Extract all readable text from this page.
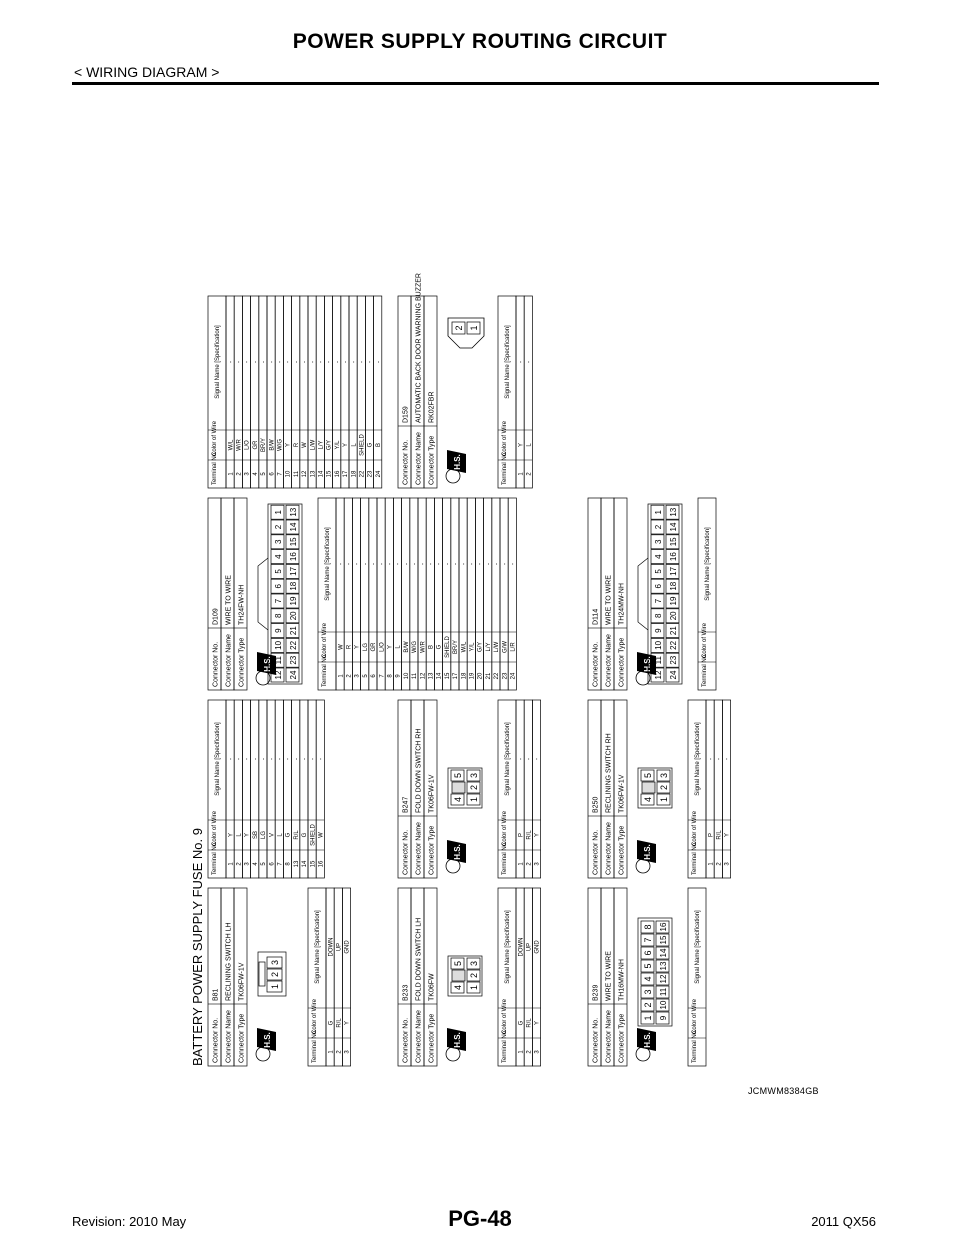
POWER SUPPLY ROUTING CIRCUIT
< WIRING DIAGRAM >
BATTERY POWER SUPPLY FUSE No. 9 Connector No.
B81
Connector Name
RECLINING SWITCH LH
Connector Type
TK06FW-1V
H.S.
1
2
3
Terminal No.
Color of Wire
Signal Name [Specification]
1
G
DOWN
2
R/L
UP
3
Y
GND
Connector No.
B233
Connector Name
FOLD DOWN SWITCH LH
Connector Type
TK06FW
H.S.
4
5
1
2
3
Terminal No.
Color of Wire
Signal Name [Specification]
1
G
DOWN
2
R/L
UP
3
Y
GND
Connector No.
B239
Connector Name
WIRE TO WIRE
Connector Type
TH16MW-NH
H.S.
1
2
3
4
5
6
7
8
9
10
11
12
13
14
15
16
Terminal No.
Color of Wire
Signal Name [Specification]
Terminal No.
Color of Wire
Signal Name [Specification]
1
Y
-
2
L
-
3
Y
-
4
SB
-
5
LG
-
6
V
-
7
L
-
8
G
-
13
R/L
-
14
G
-
15
SHIELD
-
16
W
-
Connector No.
B247
Connector Name
FOLD DOWN SWITCH RH
Connector Type
TK06FW-1V
H.S.
4
5
1
2
3
Terminal No.
Color of Wire
Signal Name [Specification]
1
P
-
2
R/L
-
3
Y
-
Connector No.
B250
Connector Name
RECLINING SWITCH RH
Connector Type
TK06FW-1V
H.S.
4
5
1
2
3
Terminal No.
Color of Wire
Signal Name [Specification]
1
P
-
2
R/L
-
3
Y
-
Connector No.
D109
Connector Name
WIRE TO WIRE
Connector Type
TH24FW-NH
H.S.
12
11
10
9
8
7
6
5
4
3
2
1
24
23
22
21
20
19
18
17
16
15
14
13
Terminal No.
Color of Wire
Signal Name [Specification]
1
W
-
2
R
-
3
Y
-
5
LG
-
6
GR
-
7
L/O
-
8
Y
-
9
L
-
10
B/W
-
11
W/G
-
12
W/R
-
13
B
-
14
G
-
15
SHIELD
-
17
BR/Y
-
18
W/L
-
19
Y/L
-
20
G/Y
-
21
L/Y
-
22
L/W
-
23
G/W
-
24
L/R
-
Connector No.
D114
Connector Name
WIRE TO WIRE
Connector Type
TH24MW-NH
H.S.
12
11
10
9
8
7
6
5
4
3
2
1
24
23
22
21
20
19
18
17
16
15
14
13
Terminal No.
Color of Wire
Signal Name [Specification]
Terminal No.
Color of Wire
Signal Name [Specification]
1
W/L
-
2
W/R
-
3
L/O
-
4
GR
-
5
BR/Y
-
6
B/W
-
7
W/G
-
10
Y
-
11
R
-
12
W
-
13
L/W
-
14
L/Y
-
15
G/Y
-
16
Y/L
-
17
Y
-
18
L
-
22
SHIELD
-
23
G
-
24
B
-
Connector No.
D159
Connector Name
AUTOMATIC BACK DOOR WARNING BUZZER
Connector Type
RK02FBR
H.S.
2 1
Terminal No.
Color of Wire
Signal Name [Specification]
1
Y
-
2
L
-
JCMWM8384GB
PG-48
Revision: 2010 May	2011 QX56
